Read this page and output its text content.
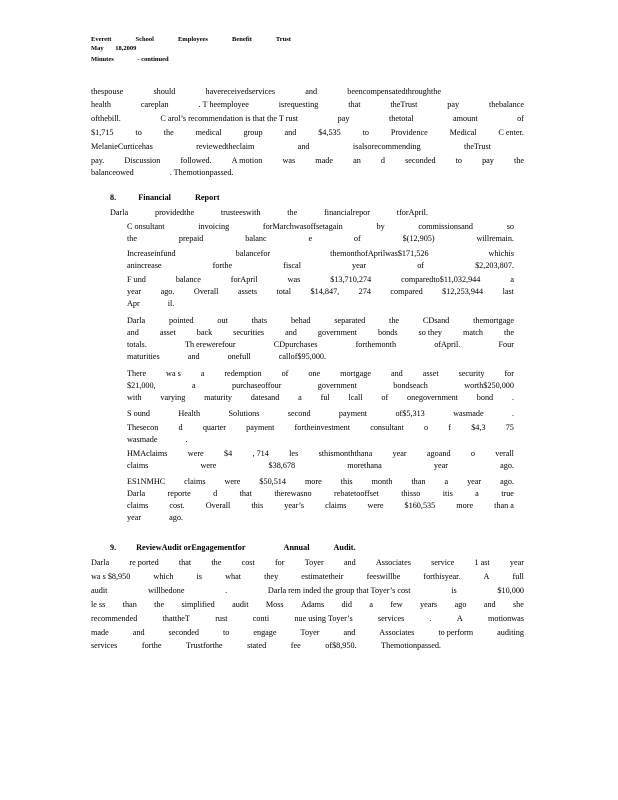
Everett	School	Employees	Benefit	Trust
May 18,2009
Minutes	- continued
thespouse	should	havereceivedservices	and	beencompensatedthroughthe
health	careplan	. T heemployee	isrequesting	that	theTrust	pay	thebalance
ofthebill.	C arol’s recommendation is that the T rust	pay	thetotal	amount	of
$1,715	to	the	medical	group	and	$4,535	to	Providence	Medical	C enter.
MelanieCurticehas	reviewedtheclaim	and	isalsorecommending	theTrust
pay. Discussion followed. A motion was made an d seconded to pay the
balanceowed	. Themotionpassed.
8.	Financial	Report
Darla	providedthe	trusteeswith	the	financialrepor	tforApril.
C onsultant	invoicing	forMarchwasoffsetagain	by	commissionsand	so
the	prepaid	balanc	e	of	$(12,905)	willremain.
Increaseinfund	balancefor	themonthofAprilwas$171,526	whichis
anincrease	forthe	fiscal	year	of	$2,203,807.
F und	balance	forApril	was	$13,710,274	comparedto$11,032,944	a
year ago. Overall assets total $14,847, 274 compared $12,253,944 last
Apr	il.
Darla	pointed	out	thats	behad	separated	the	CDsand	themortgage
and	asset	back	securities	and	government	bonds	so they	match	the
totals.	Th erewerefour	CDpurchases	forthemonth	ofApril.	Four
maturities	and	onefull	callof$95,000.
There wa s a redemption of one mortgage and asset security for
$21,000,	a	purchaseoffour	government	bondseach	worth$250,000
with varying maturity datesand a ful lcall of onegovernment bond .
S ound	Health	Solutions	second	payment	of$5,313	wasmade	.
Thesecon d quarter payment fortheinvestment consultant o f $4,3 75
wasmade	.
HMAclaims were $4 , 714 les sthismonththana year agoand o verall
claims	were	$38,678	morethana	year	ago.
ES1NMHC claims were $50,514 more this month than a year ago.
Darla	reporte	d	that	therewasno	rebatetooffset	thisso	itis	a	true
claims	cost.	Overall	this	year’s	claims	were	$160,535	more	than a
year	ago.
9. ReviewAudi t orEngagementfor	Annual	Audit.
Darla re ported that the cost for Toyer and Associates service 1 ast year
wa s $8,950	which	is	what	they	estimatetheir	feeswillbe	forthisyear.	A	full
audit	willbedone	.	Darla rem inded the group that Toyer’s cost	is	$10,000
le ss than the simplified audit Moss Adams did a few years ago and she
recommended	thattheT	rust	conti	nue using Toyer’s	services	.	A	motionwas
made	and	seconded	to	engage	Toyer	and	Associates	to perform	auditing
services	forthe	Trustforthe	stated	fee	of$8,950.	Themotionpassed.
